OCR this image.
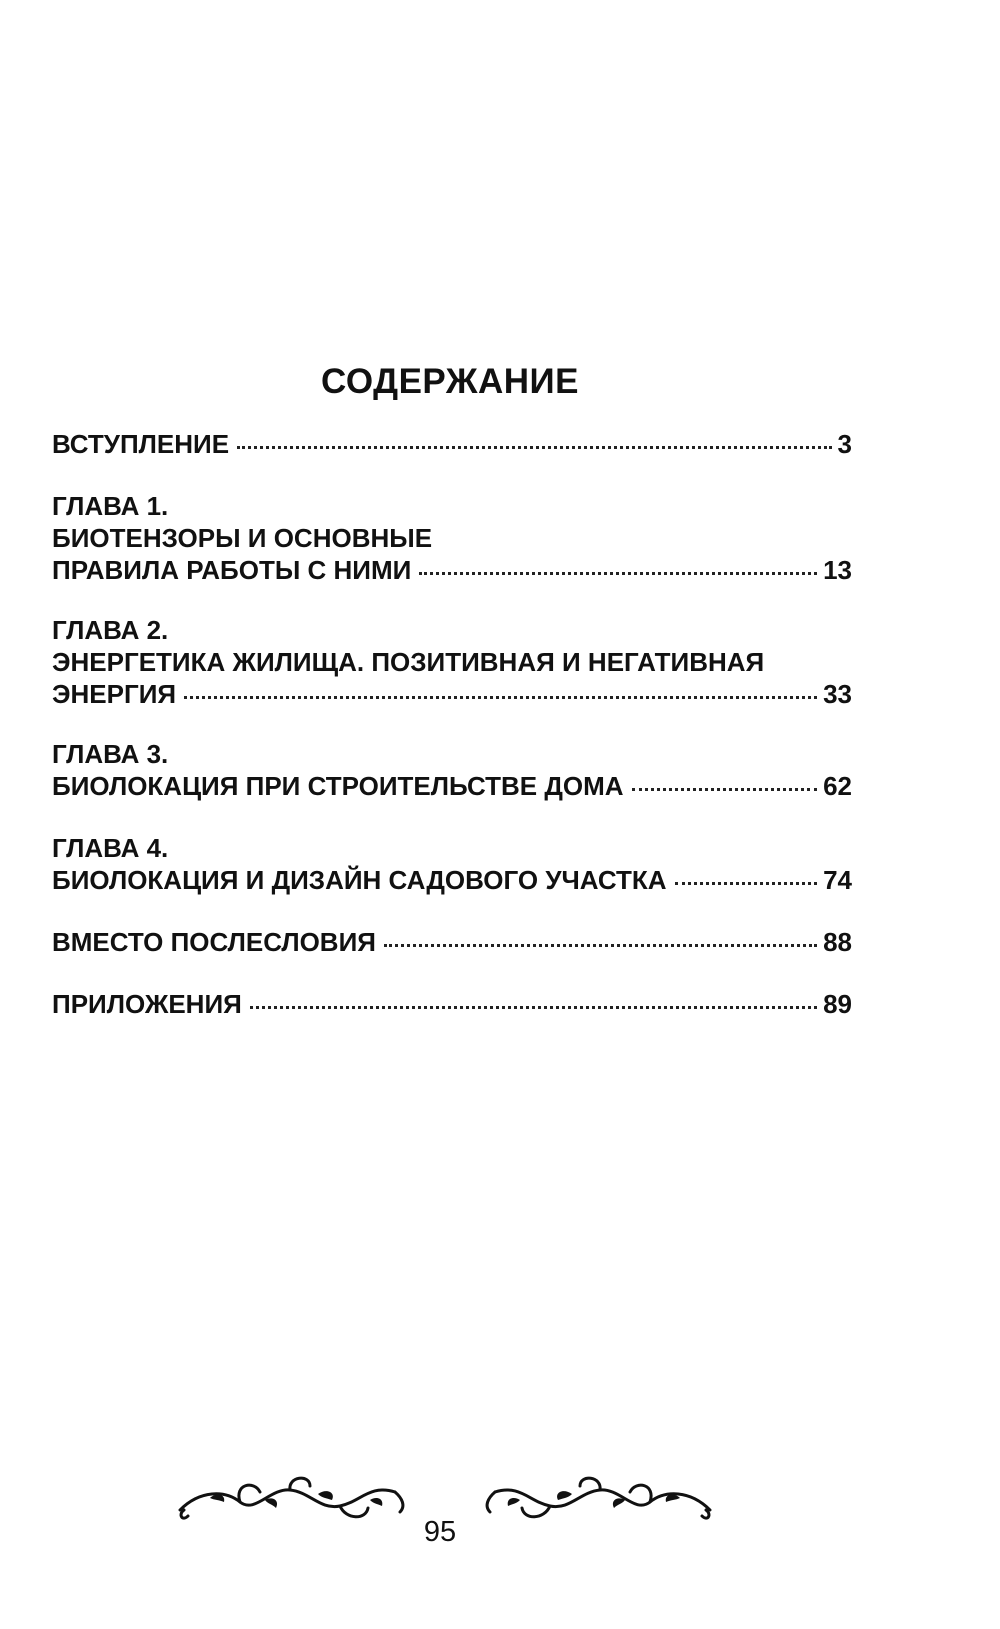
СОДЕРЖАНИЕ
ВСТУПЛЕНИЕ	3
ГЛАВА 1.
БИОТЕНЗОРЫ И ОСНОВНЫЕ
ПРАВИЛА РАБОТЫ С НИМИ	13
ГЛАВА 2.
ЭНЕРГЕТИКА ЖИЛИЩА. ПОЗИТИВНАЯ И НЕГАТИВНАЯ
ЭНЕРГИЯ	33
ГЛАВА 3.
БИОЛОКАЦИЯ ПРИ СТРОИТЕЛЬСТВЕ ДОМА	62
ГЛАВА 4.
БИОЛОКАЦИЯ И ДИЗАЙН САДОВОГО УЧАСТКА	74
ВМЕСТО ПОСЛЕСЛОВИЯ	88
ПРИЛОЖЕНИЯ	89
95
